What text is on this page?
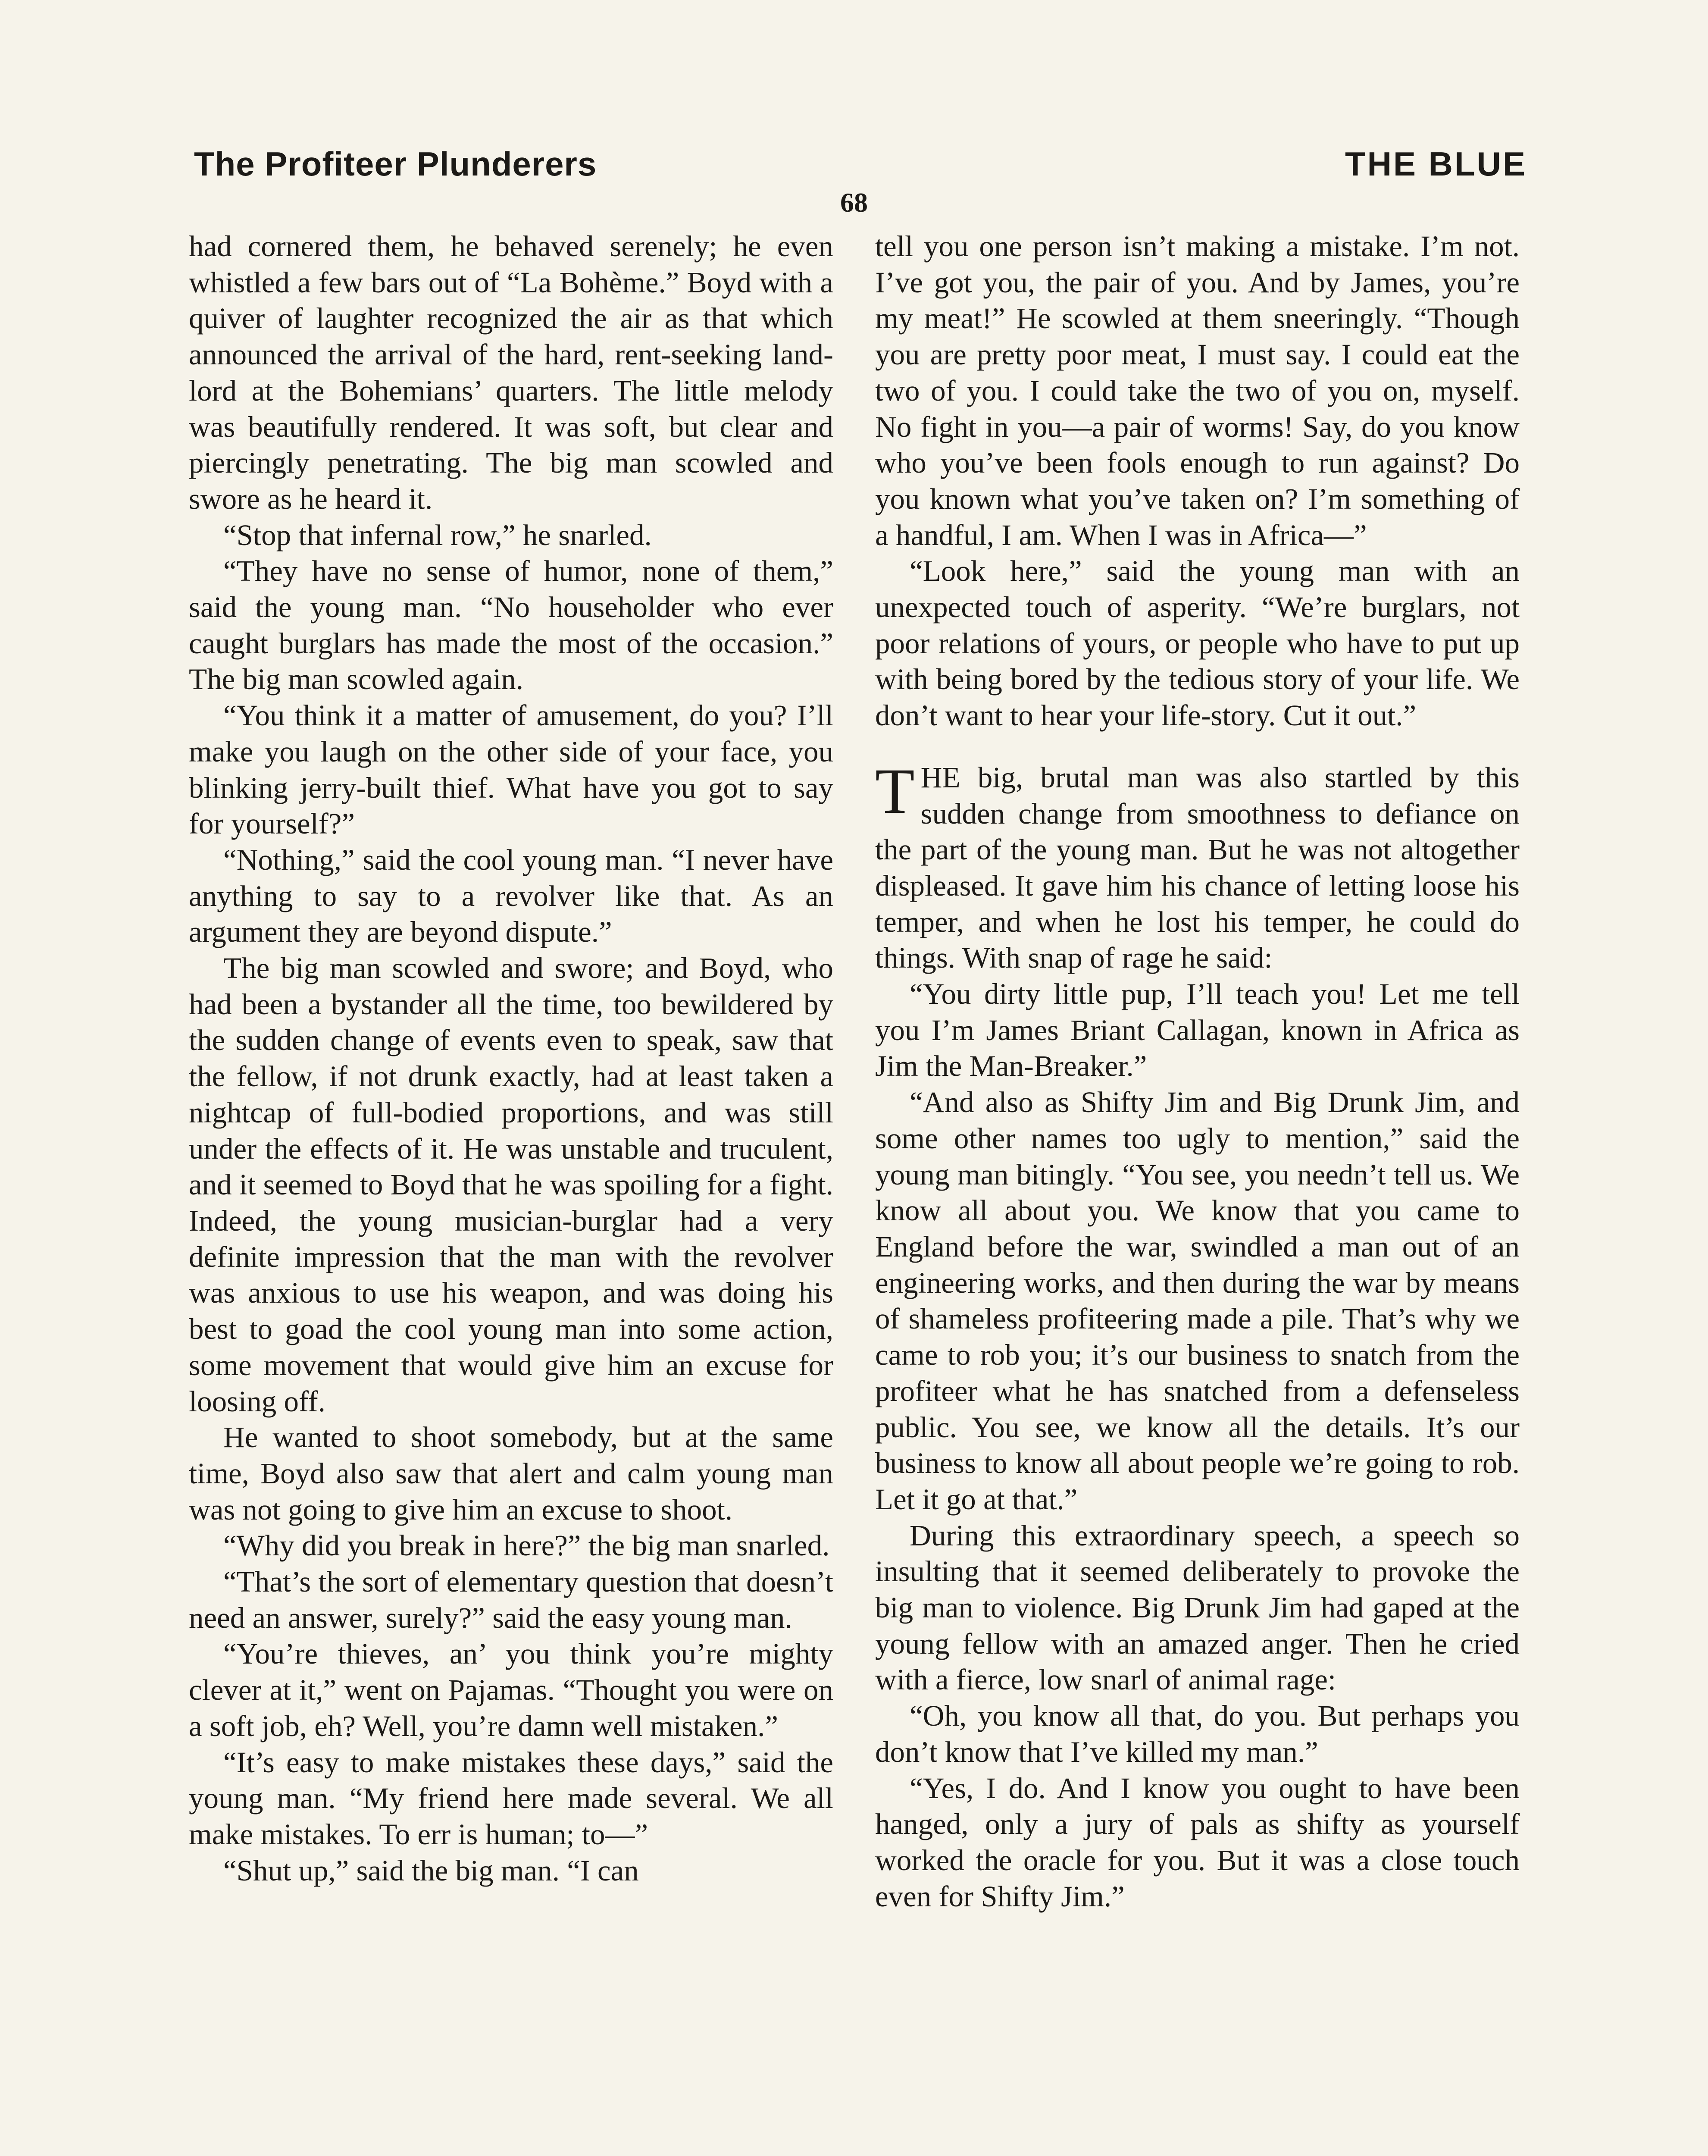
The Profiteer Plunderers	THE BLUE
68

had cornered them, he behaved serenely; he even whistled a few bars out of “La Bohème.” Boyd with a quiver of laughter recognized the air as that which announced the arrival of the hard, rent-seeking landlord at the Bohemians’ quarters. The little melody was beautifully rendered. It was soft, but clear and piercingly penetrating. The big man scowled and swore as he heard it.

“Stop that infernal row,” he snarled.

“They have no sense of humor, none of them,” said the young man. “No householder who ever caught burglars has made the most of the occasion.” The big man scowled again.

“You think it a matter of amusement, do you? I’ll make you laugh on the other side of your face, you blinking jerry-built thief. What have you got to say for yourself?”

“Nothing,” said the cool young man. “I never have anything to say to a revolver like that. As an argument they are beyond dispute.”

The big man scowled and swore; and Boyd, who had been a bystander all the time, too bewildered by the sudden change of events even to speak, saw that the fellow, if not drunk exactly, had at least taken a nightcap of full-bodied proportions, and was still under the effects of it. He was unstable and truculent, and it seemed to Boyd that he was spoiling for a fight. Indeed, the young musician-burglar had a very definite impression that the man with the revolver was anxious to use his weapon, and was doing his best to goad the cool young man into some action, some movement that would give him an excuse for loosing off.

He wanted to shoot somebody, but at the same time, Boyd also saw that alert and calm young man was not going to give him an excuse to shoot.

“Why did you break in here?” the big man snarled.

“That’s the sort of elementary question that doesn’t need an answer, surely?” said the easy young man.

“You’re thieves, an’ you think you’re mighty clever at it,” went on Pajamas. “Thought you were on a soft job, eh? Well, you’re damn well mistaken.”

“It’s easy to make mistakes these days,” said the young man. “My friend here made several. We all make mistakes. To err is human; to—”

“Shut up,” said the big man. “I can

tell you one person isn’t making a mistake. I’m not. I’ve got you, the pair of you. And by James, you’re my meat!” He scowled at them sneeringly. “Though you are pretty poor meat, I must say. I could eat the two of you. I could take the two of you on, myself. No fight in you—a pair of worms! Say, do you know who you’ve been fools enough to run against? Do you known what you’ve taken on? I’m something of a handful, I am. When I was in Africa—”

“Look here,” said the young man with an unexpected touch of asperity. “We’re burglars, not poor relations of yours, or people who have to put up with being bored by the tedious story of your life. We don’t want to hear your life-story. Cut it out.”

THE big, brutal man was also startled by this sudden change from smoothness to defiance on the part of the young man. But he was not altogether displeased. It gave him his chance of letting loose his temper, and when he lost his temper, he could do things. With snap of rage he said:

“You dirty little pup, I’ll teach you! Let me tell you I’m James Briant Callagan, known in Africa as Jim the Man-Breaker.”

“And also as Shifty Jim and Big Drunk Jim, and some other names too ugly to mention,” said the young man bitingly. “You see, you needn’t tell us. We know all about you. We know that you came to England before the war, swindled a man out of an engineering works, and then during the war by means of shameless profiteering made a pile. That’s why we came to rob you; it’s our business to snatch from the profiteer what he has snatched from a defenseless public. You see, we know all the details. It’s our business to know all about people we’re going to rob. Let it go at that.”

During this extraordinary speech, a speech so insulting that it seemed deliberately to provoke the big man to violence. Big Drunk Jim had gaped at the young fellow with an amazed anger. Then he cried with a fierce, low snarl of animal rage:

“Oh, you know all that, do you. But perhaps you don’t know that I’ve killed my man.”

“Yes, I do. And I know you ought to have been hanged, only a jury of pals as shifty as yourself worked the oracle for you. But it was a close touch even for Shifty Jim.”
